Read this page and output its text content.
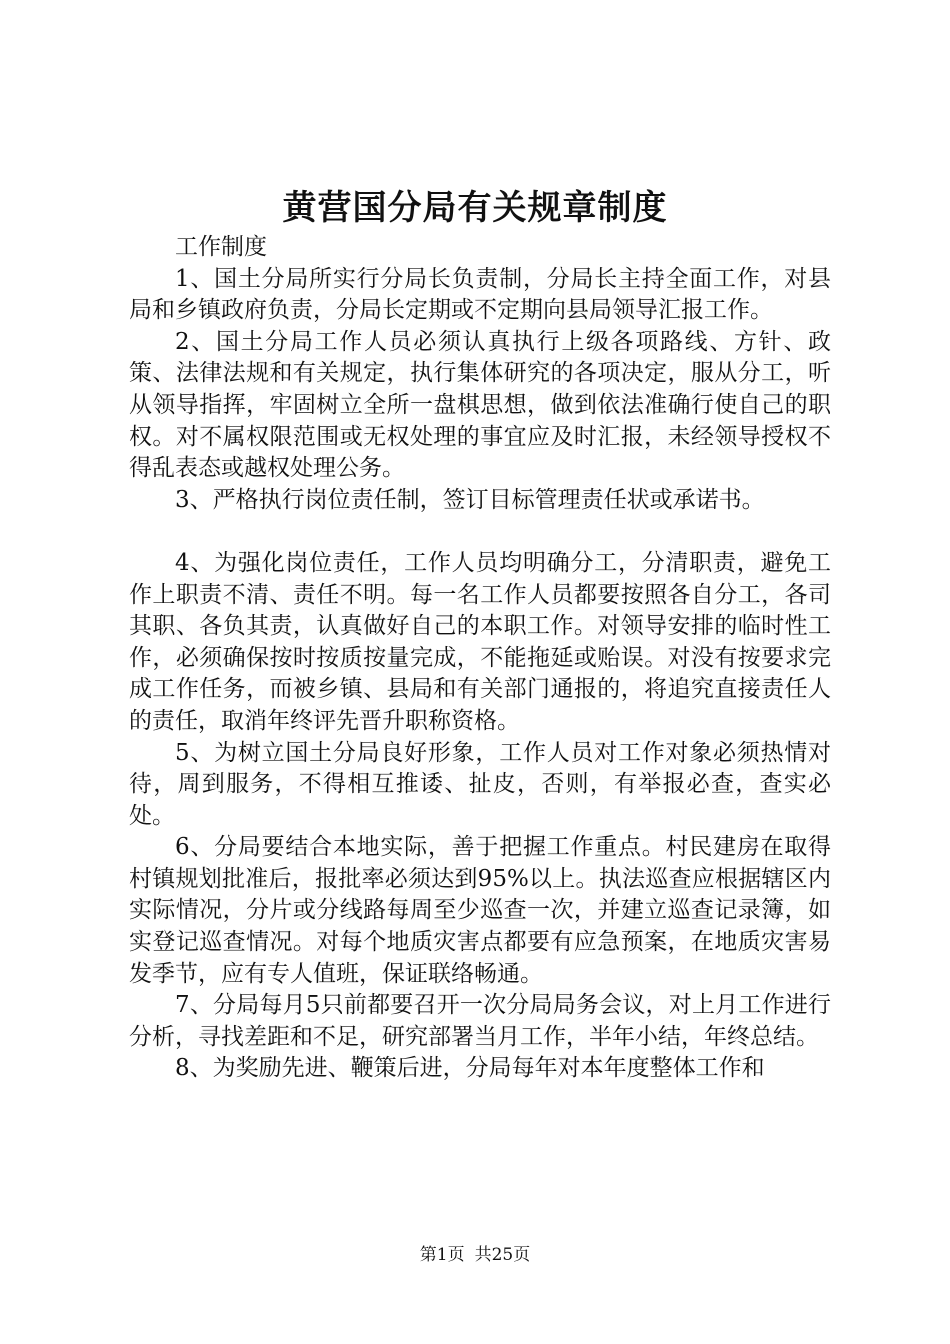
黄营国分局有关规章制度

工作制度

1、国土分局所实行分局长负责制，分局长主持全面工作，对县局和乡镇政府负责，分局长定期或不定期向县局领导汇报工作。

2、国土分局工作人员必须认真执行上级各项路线、方针、政策、法律法规和有关规定，执行集体研究的各项决定，服从分工，听从领导指挥，牢固树立全所一盘棋思想，做到依法准确行使自己的职权。对不属权限范围或无权处理的事宜应及时汇报，未经领导授权不得乱表态或越权处理公务。

3、严格执行岗位责任制，签订目标管理责任状或承诺书。

4、为强化岗位责任，工作人员均明确分工，分清职责，避免工作上职责不清、责任不明。每一名工作人员都要按照各自分工，各司其职、各负其责，认真做好自己的本职工作。对领导安排的临时性工作，必须确保按时按质按量完成，不能拖延或贻误。对没有按要求完成工作任务，而被乡镇、县局和有关部门通报的，将追究直接责任人的责任，取消年终评先晋升职称资格。

5、为树立国土分局良好形象，工作人员对工作对象必须热情对待，周到服务，不得相互推诿、扯皮，否则，有举报必查，查实必处。

6、分局要结合本地实际，善于把握工作重点。村民建房在取得村镇规划批准后，报批率必须达到95%以上。执法巡查应根据辖区内实际情况，分片或分线路每周至少巡查一次，并建立巡查记录簿，如实登记巡查情况。对每个地质灾害点都要有应急预案，在地质灾害易发季节，应有专人值班，保证联络畅通。

7、分局每月5只前都要召开一次分局局务会议，对上月工作进行分析，寻找差距和不足，研究部署当月工作，半年小结，年终总结。

8、为奖励先进、鞭策后进，分局每年对本年度整体工作和

第1页 共25页
